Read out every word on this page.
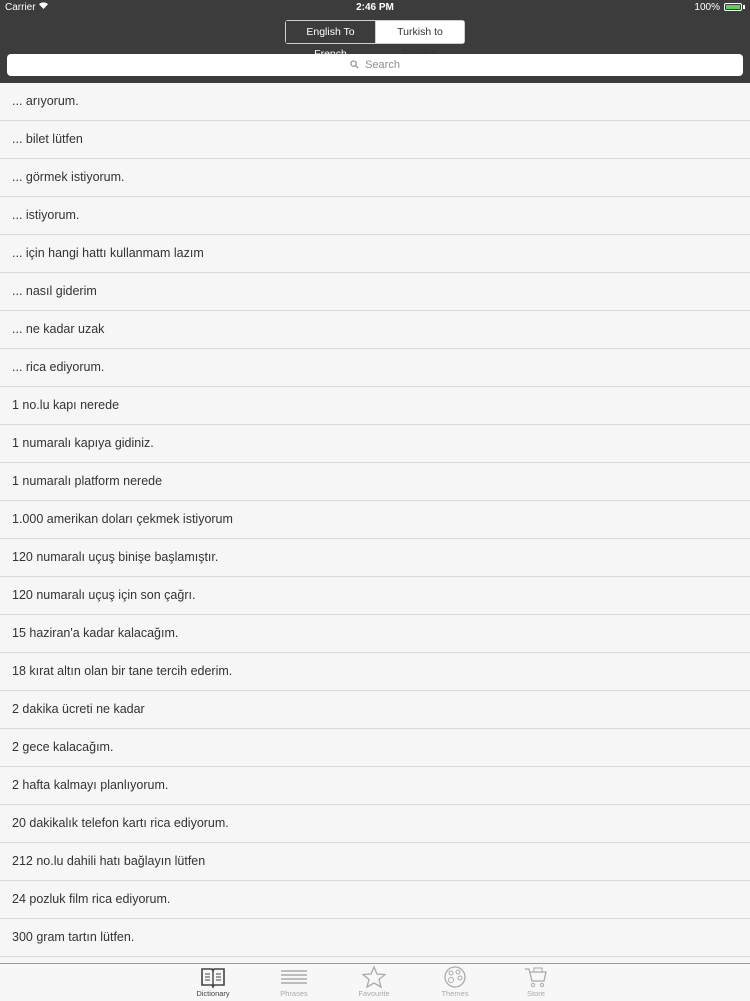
Carrier	2:46 PM	100%
English To	Turkish to
Search
... arıyorum.
... bilet lütfen
... görmek istiyorum.
... istiyorum.
... için hangi hattı kullanmam lazım
... nasıl giderim
... ne kadar uzak
... rica ediyorum.
1 no.lu kapı nerede
1 numaralı kapıya gidiniz.
1 numaralı platform nerede
1.000 amerikan doları çekmek istiyorum
120 numaralı uçuş binişe başlamıştır.
120 numaralı uçuş için son çağrı.
15 haziran'a kadar kalacağım.
18 kırat altın olan bir tane tercih ederim.
2 dakika ücreti ne kadar
2 gece kalacağım.
2 hafta kalmayı planlıyorum.
20 dakikalık telefon kartı rica ediyorum.
212 no.lu dahili hatı bağlayın lütfen
24 pozluk film rica ediyorum.
300 gram tartın lütfen.
Dictionary	Phrases	Favourite	Themes	Store
